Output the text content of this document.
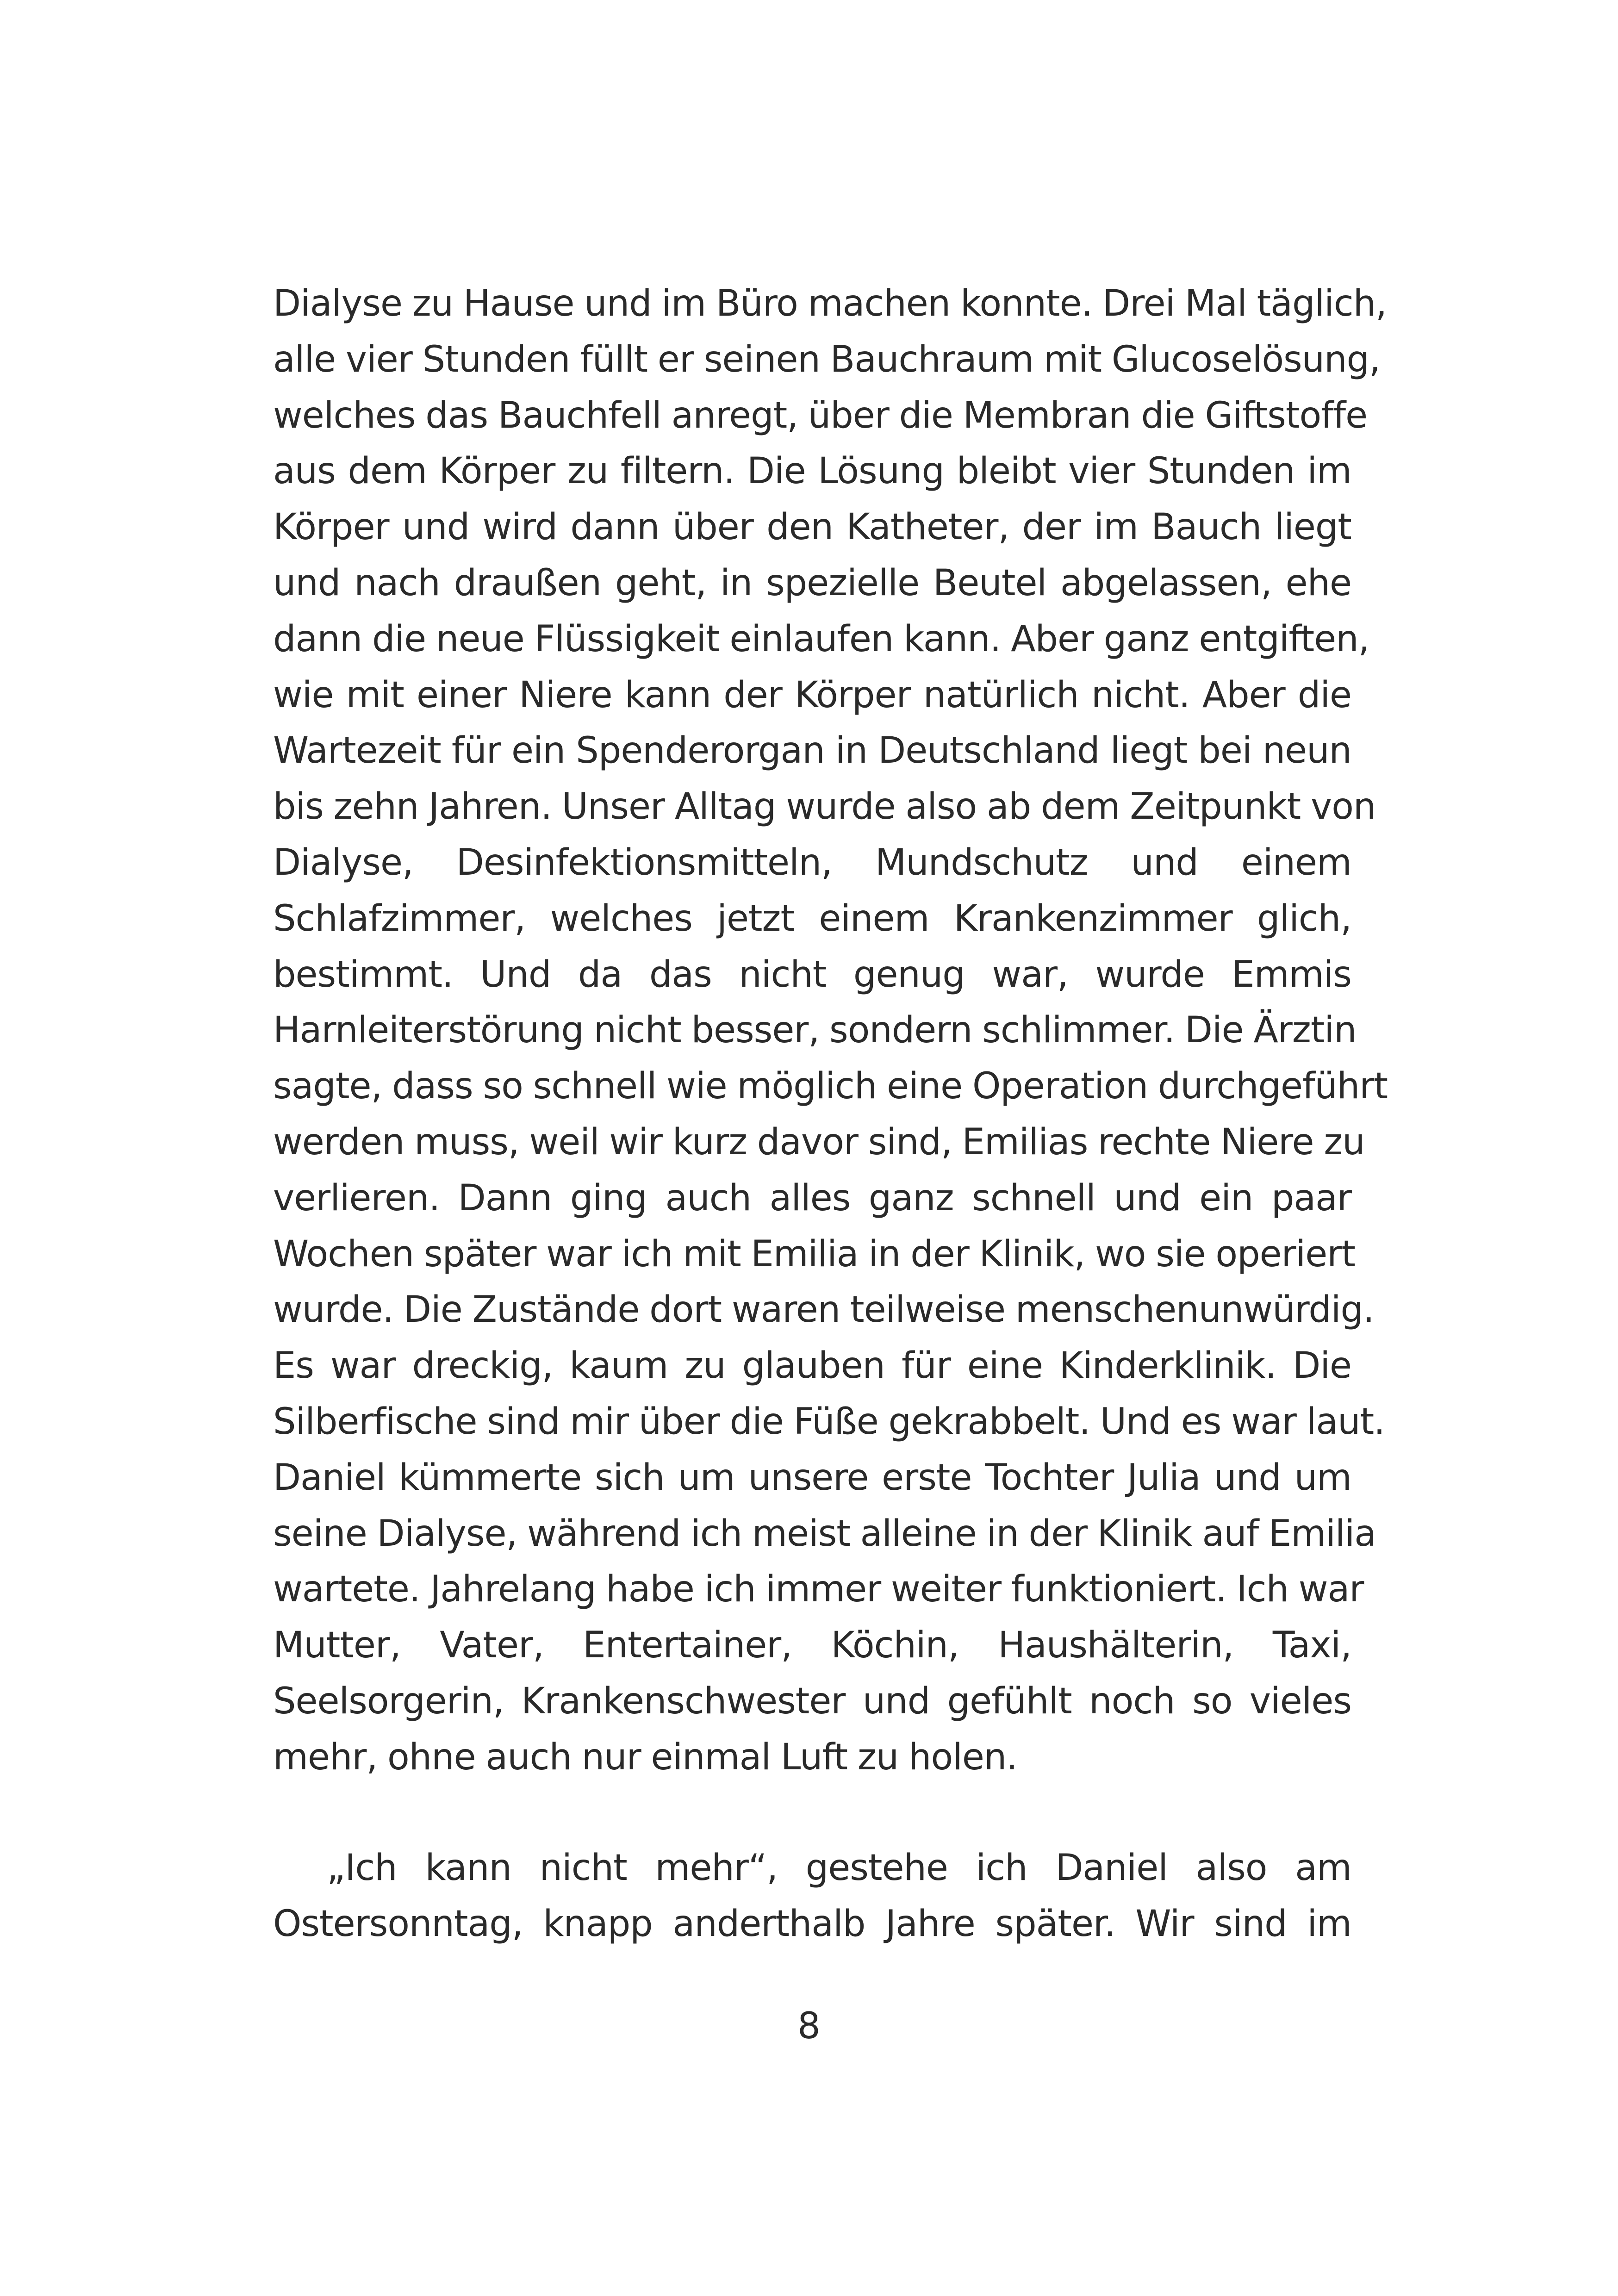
Dialyse zu Hause und im Büro machen konnte. Drei Mal täglich,
alle vier Stunden füllt er seinen Bauchraum mit Glucoselösung,
welches das Bauchfell anregt, über die Membran die Giftstoffe
aus dem Körper zu filtern. Die Lösung bleibt vier Stunden im
Körper und wird dann über den Katheter, der im Bauch liegt
und nach draußen geht, in spezielle Beutel abgelassen, ehe
dann die neue Flüssigkeit einlaufen kann. Aber ganz entgiften,
wie mit einer Niere kann der Körper natürlich nicht. Aber die
Wartezeit für ein Spenderorgan in Deutschland liegt bei neun
bis zehn Jahren. Unser Alltag wurde also ab dem Zeitpunkt von
Dialyse, Desinfektionsmitteln, Mundschutz und einem
Schlafzimmer, welches jetzt einem Krankenzimmer glich,
bestimmt. Und da das nicht genug war, wurde Emmis
Harnleiterstörung nicht besser, sondern schlimmer. Die Ärztin
sagte, dass so schnell wie möglich eine Operation durchgeführt
werden muss, weil wir kurz davor sind, Emilias rechte Niere zu
verlieren. Dann ging auch alles ganz schnell und ein paar
Wochen später war ich mit Emilia in der Klinik, wo sie operiert
wurde. Die Zustände dort waren teilweise menschenunwürdig.
Es war dreckig, kaum zu glauben für eine Kinderklinik. Die
Silberfische sind mir über die Füße gekrabbelt. Und es war laut.
Daniel kümmerte sich um unsere erste Tochter Julia und um
seine Dialyse, während ich meist alleine in der Klinik auf Emilia
wartete. Jahrelang habe ich immer weiter funktioniert. Ich war
Mutter, Vater, Entertainer, Köchin, Haushälterin, Taxi,
Seelsorgerin, Krankenschwester und gefühlt noch so vieles
mehr, ohne auch nur einmal Luft zu holen.
„Ich kann nicht mehr“, gestehe ich Daniel also am
Ostersonntag, knapp anderthalb Jahre später. Wir sind im
8
